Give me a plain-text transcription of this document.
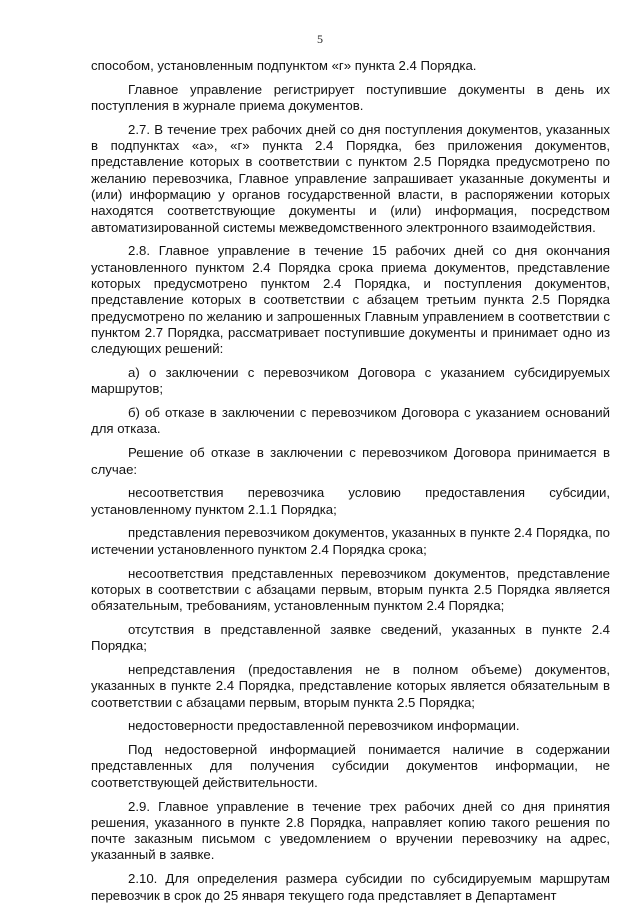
5

способом, установленным подпунктом «г» пункта 2.4 Порядка.

Главное управление регистрирует поступившие документы в день их поступления в журнале приема документов.

2.7. В течение трех рабочих дней со дня поступления документов, указанных в подпунктах «а», «г» пункта 2.4 Порядка, без приложения документов, представление которых в соответствии с пунктом 2.5 Порядка предусмотрено по желанию перевозчика, Главное управление запрашивает указанные документы и (или) информацию у органов государственной власти, в распоряжении которых находятся соответствующие документы и (или) информация, посредством автоматизированной системы межведомственного электронного взаимодействия.

2.8. Главное управление в течение 15 рабочих дней со дня окончания установленного пунктом 2.4 Порядка срока приема документов, представление которых предусмотрено пунктом 2.4 Порядка, и поступления документов, представление которых в соответствии с абзацем третьим пункта 2.5 Порядка предусмотрено по желанию и запрошенных Главным управлением в соответствии с пунктом 2.7 Порядка, рассматривает поступившие документы и принимает одно из следующих решений:

а) о заключении с перевозчиком Договора с указанием субсидируемых маршрутов;

б) об отказе в заключении с перевозчиком Договора с указанием оснований для отказа.

Решение об отказе в заключении с перевозчиком Договора принимается в случае:

несоответствия перевозчика условию предоставления субсидии, установленному пунктом 2.1.1 Порядка;

представления перевозчиком документов, указанных в пункте 2.4 Порядка, по истечении установленного пунктом 2.4 Порядка срока;

несоответствия представленных перевозчиком документов, представление которых в соответствии с абзацами первым, вторым пункта 2.5 Порядка является обязательным, требованиям, установленным пунктом 2.4 Порядка;

отсутствия в представленной заявке сведений, указанных в пункте 2.4 Порядка;

непредставления (предоставления не в полном объеме) документов, указанных в пункте 2.4 Порядка, представление которых является обязательным в соответствии с абзацами первым, вторым пункта 2.5 Порядка;

недостоверности предоставленной перевозчиком информации.

Под недостоверной информацией понимается наличие в содержании представленных для получения субсидии документов информации, не соответствующей действительности.

2.9. Главное управление в течение трех рабочих дней со дня принятия решения, указанного в пункте 2.8 Порядка, направляет копию такого решения по почте заказным письмом с уведомлением о вручении перевозчику на адрес, указанный в заявке.

2.10. Для определения размера субсидии по субсидируемым маршрутам перевозчик в срок до 25 января текущего года представляет в Департамент
